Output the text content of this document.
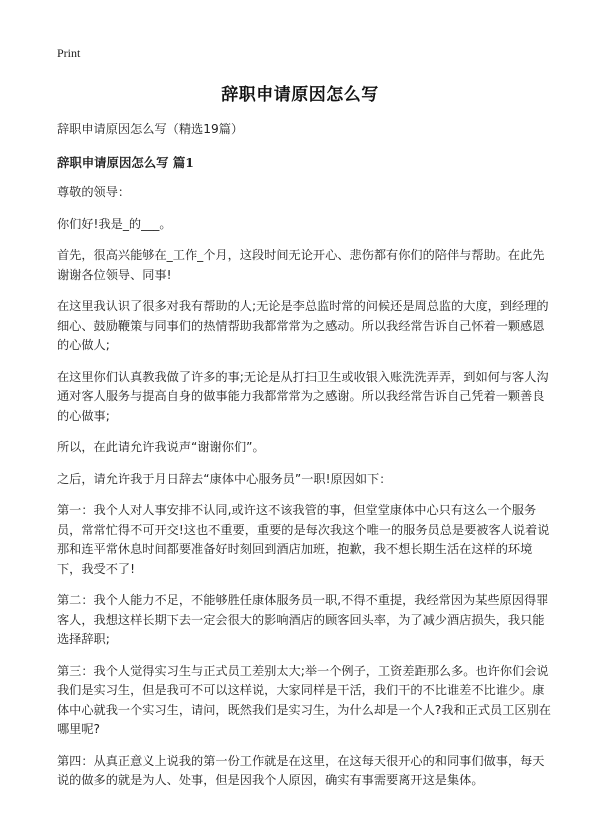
Print
辞职申请原因怎么写

辞职申请原因怎么写（精选19篇）

辞职申请原因怎么写 篇1

尊敬的领导：

你们好!我是_的___。

首先，很高兴能够在_工作_个月，这段时间无论开心、悲伤都有你们的陪伴与帮助。在此先谢谢各位领导、同事!

在这里我认识了很多对我有帮助的人;无论是李总监时常的问候还是周总监的大度，到经理的细心、鼓励鞭策与同事们的热情帮助我都常常为之感动。所以我经常告诉自己怀着一颗感恩的心做人;

在这里你们认真教我做了许多的事;无论是从打扫卫生或收银入账洗洗弄弄，到如何与客人沟通对客人服务与提高自身的做事能力我都常常为之感谢。所以我经常告诉自己凭着一颗善良的心做事;

所以，在此请允许我说声“谢谢你们”。

之后，请允许我于月日辞去“康体中心服务员”一职!原因如下：

第一：我个人对人事安排不认同,或许这不该我管的事，但堂堂康体中心只有这么一个服务员，常常忙得不可开交!这也不重要，重要的是每次我这个唯一的服务员总是要被客人说着说那和连平常休息时间都要准备好时刻回到酒店加班，抱歉，我不想长期生活在这样的环境下，我受不了!

第二：我个人能力不足，不能够胜任康体服务员一职,不得不重提，我经常因为某些原因得罪客人，我想这样长期下去一定会很大的影响酒店的顾客回头率，为了减少酒店损失，我只能选择辞职;

第三：我个人觉得实习生与正式员工差别太大;举一个例子，工资差距那么多。也许你们会说我们是实习生，但是我可不可以这样说，大家同样是干活，我们干的不比谁差不比谁少。康体中心就我一个实习生，请问，既然我们是实习生，为什么却是一个人?我和正式员工区别在哪里呢?

第四：从真正意义上说我的第一份工作就是在这里，在这每天很开心的和同事们做事，每天说的做多的就是为人、处事，但是因我个人原因，确实有事需要离开这是集体。
